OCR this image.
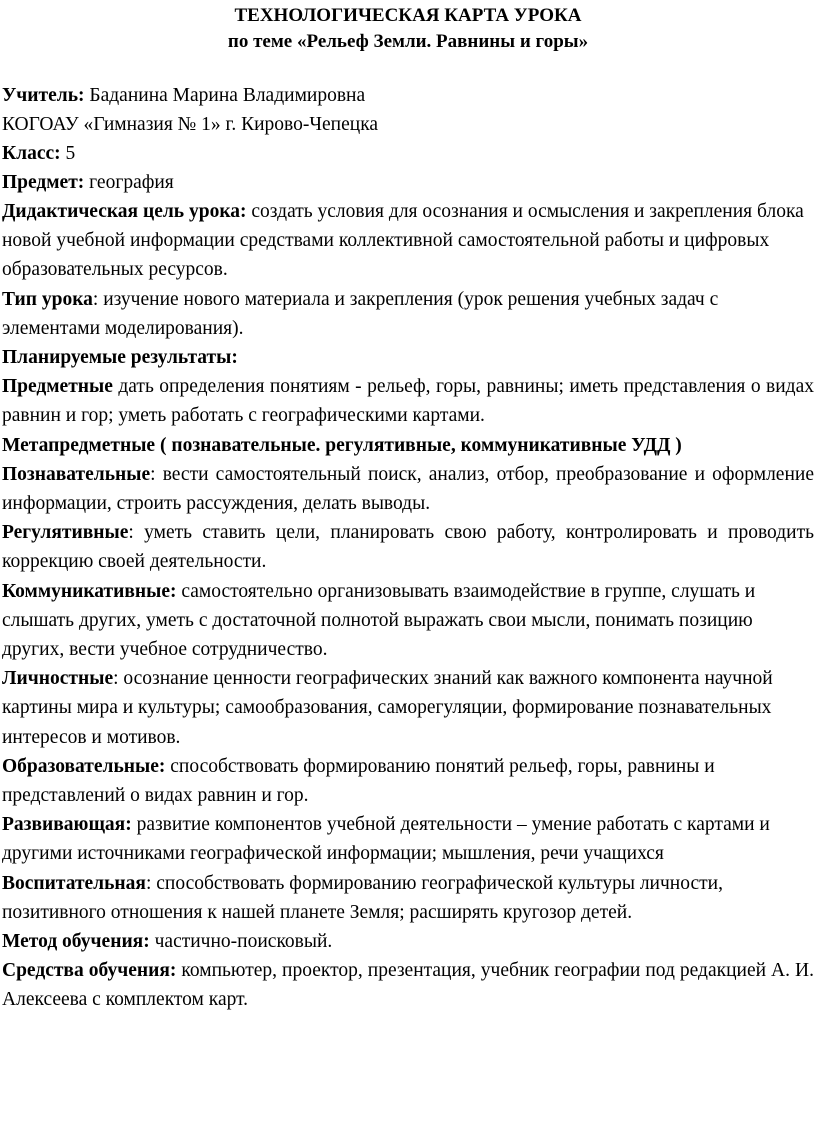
ТЕХНОЛОГИЧЕСКАЯ КАРТА УРОКА
по теме «Рельеф Земли. Равнины и горы»

Учитель: Баданина Марина Владимировна

КОГОАУ «Гимназия № 1» г. Кирово-Чепецка

Класс: 5

Предмет: география

Дидактическая цель урока: создать условия для осознания и осмысления и закрепления блока новой учебной информации средствами коллективной самостоятельной работы и цифровых образовательных ресурсов.

Тип урока: изучение нового материала и закрепления (урок решения учебных задач с элементами моделирования).

Планируемые результаты:

Предметные дать определения понятиям - рельеф, горы, равнины; иметь представления о видах равнин и гор; уметь работать с географическими картами.

Метапредметные ( познавательные. регулятивные, коммуникативные УДД )

Познавательные: вести самостоятельный поиск, анализ, отбор, преобразование и оформление информации, строить рассуждения, делать выводы.

Регулятивные: уметь ставить цели, планировать свою работу, контролировать и проводить коррекцию своей деятельности.

Коммуникативные: самостоятельно организовывать взаимодействие в группе, слушать и слышать других, уметь с достаточной полнотой выражать свои мысли, понимать позицию других, вести учебное сотрудничество.

Личностные: осознание ценности географических знаний как важного компонента научной картины мира и культуры; самообразования, саморегуляции, формирование познавательных интересов и мотивов.

Образовательные: способствовать формированию понятий рельеф, горы, равнины и представлений о видах равнин и гор.

Развивающая: развитие компонентов учебной деятельности – умение работать с картами и другими источниками географической информации; мышления, речи учащихся

Воспитательная: способствовать формированию географической культуры личности, позитивного отношения к нашей планете Земля; расширять кругозор детей.

Метод обучения: частично-поисковый.

Средства обучения: компьютер, проектор, презентация, учебник географии под редакцией А. И. Алексеева с комплектом карт.
